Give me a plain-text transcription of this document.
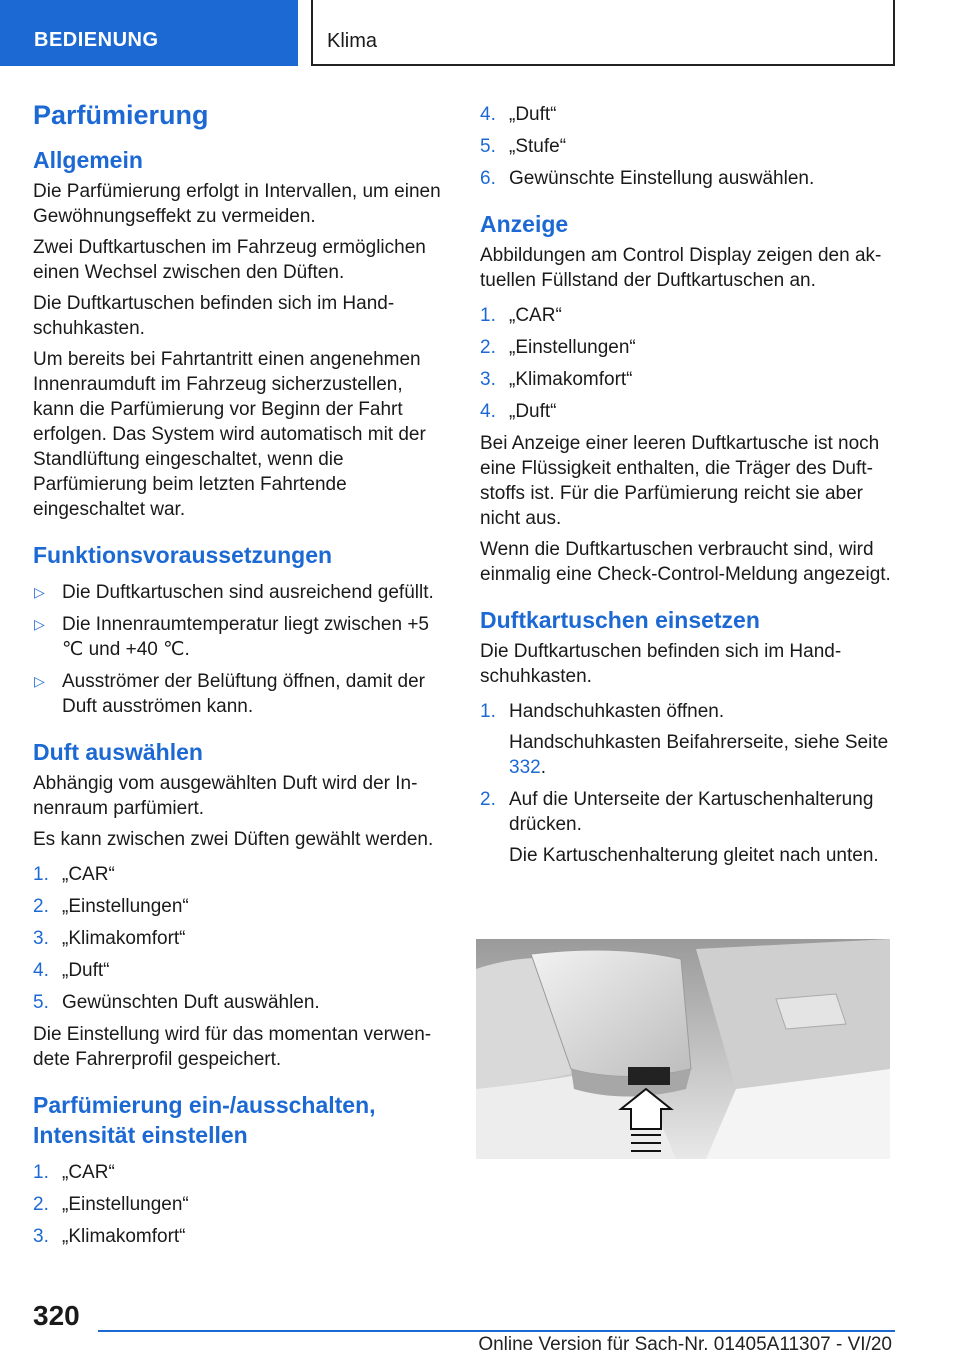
BEDIENUNG	Klima
Parfümierung
Allgemein

Die Parfümierung erfolgt in Intervallen, um einen Gewöhnungseffekt zu vermeiden.

Zwei Duftkartuschen im Fahrzeug ermöglichen einen Wechsel zwischen den Düften.

Die Duftkartuschen befinden sich im Handschuhkasten.

Um bereits bei Fahrtantritt einen angenehmen Innenraumduft im Fahrzeug sicherzustellen, kann die Parfümierung vor Beginn der Fahrt erfolgen. Das System wird automatisch mit der Standlüftung eingeschaltet, wenn die Parfümierung beim letzten Fahrtende eingeschaltet war.

Funktionsvoraussetzungen
▷ Die Duftkartuschen sind ausreichend gefüllt.
▷ Die Innenraumtemperatur liegt zwischen +5 ℃ und +40 ℃.
▷ Ausströmer der Belüftung öffnen, damit der Duft ausströmen kann.
Duft auswählen

Abhängig vom ausgewählten Duft wird der Innenraum parfümiert.

Es kann zwischen zwei Düften gewählt werden.

1. „CAR“
2. „Einstellungen“
3. „Klimakomfort“
4. „Duft“
5. Gewünschten Duft auswählen.

Die Einstellung wird für das momentan verwendete Fahrerprofil gespeichert.

Parfümierung ein-/ausschalten, Intensität einstellen
1. „CAR“
2. „Einstellungen“
3. „Klimakomfort“
4. „Duft“
5. „Stufe“
6. Gewünschte Einstellung auswählen.
Anzeige

Abbildungen am Control Display zeigen den aktuellen Füllstand der Duftkartuschen an.

1. „CAR“
2. „Einstellungen“
3. „Klimakomfort“
4. „Duft“

Bei Anzeige einer leeren Duftkartusche ist noch eine Flüssigkeit enthalten, die Träger des Duftstoffs ist. Für die Parfümierung reicht sie aber nicht aus.

Wenn die Duftkartuschen verbraucht sind, wird einmalig eine Check-Control-Meldung angezeigt.

Duftkartuschen einsetzen

Die Duftkartuschen befinden sich im Handschuhkasten.

1. Handschuhkasten öffnen.
Handschuhkasten Beifahrerseite, siehe Seite 332.
2. Auf die Unterseite der Kartuschenhalterung drücken.
Die Kartuschenhalterung gleitet nach unten.
320
Online Version für Sach-Nr. 01405A11307 - VI/20
